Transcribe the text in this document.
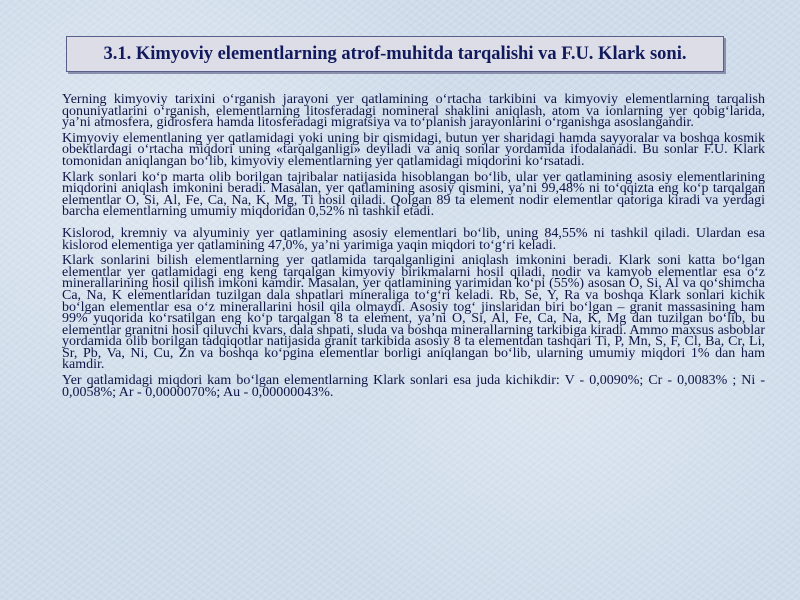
3.1. Kimyoviy elementlarning atrof-muhitda tarqalishi va F.U. Klark soni.

Yerning kimyoviy tarixini o‘rganish jarayoni yer qatlamining o‘rtacha tarkibini va kimyoviy elementlarning tarqalish qonuniyatlarini o‘rganish, elementlarning litosferadagi nomineral shaklini aniqlash, atom va ionlarning yer qobig‘larida, ya’ni atmosfera, gidrosfera hamda litosferadagi migratsiya va to‘planish jarayonlarini o‘rganishga asoslangandir.

Kimyoviy elementlaning yer qatlamidagi yoki uning bir qismidagi, butun yer sharidagi hamda sayyoralar va boshqa kosmik obektlardagi o‘rtacha miqdori uning «tarqalganligi» deyiladi va aniq sonlar yordamida ifodalanadi. Bu sonlar F.U. Klark tomonidan aniqlangan bo‘lib, kimyoviy elementlarning yer qatlamidagi miqdorini ko‘rsatadi.

Klark sonlari ko‘p marta olib borilgan tajribalar natijasida hisoblangan bo‘lib, ular yer qatlamining asosiy elementlarining miqdorini aniqlash imkonini beradi. Masalan, yer qatlamining asosiy qismini, ya’ni 99,48% ni to‘qqizta eng ko‘p tarqalgan elementlar O, Si, Al, Fe, Ca, Na, K, Mg, Ti hosil qiladi. Qolgan 89 ta element nodir elementlar qatoriga kiradi va yerdagi barcha elementlarning umumiy miqdoridan 0,52% ni tashkil etadi.

Kislorod, kremniy va alyuminiy yer qatlamining asosiy elementlari bo‘lib, uning 84,55% ni tashkil qiladi. Ulardan esa kislorod elementiga yer qatlamining 47,0%, ya’ni yarimiga yaqin miqdori to‘g‘ri keladi.

Klark sonlarini bilish elementlarning yer qatlamida tarqalganligini aniqlash imkonini beradi. Klark soni katta bo‘lgan elementlar yer qatlamidagi eng keng tarqalgan kimyoviy birikmalarni hosil qiladi, nodir va kamyob elementlar esa o‘z minerallarining hosil qilish imkoni kamdir. Masalan, yer qatlamining yarimidan ko‘pi (55%) asosan O, Si, Al va qo‘shimcha Ca, Na, K elementlaridan tuzilgan dala shpatlari mineraliga to‘g‘ri keladi. Rb, Se, Y, Ra va boshqa Klark sonlari kichik bo‘lgan elementlar esa o‘z minerallarini hosil qila olmaydi. Asosiy tog‘ jinslaridan biri bo‘lgan – granit massasining ham 99% yuqorida ko‘rsatilgan eng ko‘p tarqalgan 8 ta element, ya’ni O, Si, Al, Fe, Ca, Na, K, Mg dan tuzilgan bo‘lib, bu elementlar granitni hosil qiluvchi kvars, dala shpati, sluda va boshqa minerallarning tarkibiga kiradi. Ammo maxsus asboblar yordamida olib borilgan tadqiqotlar natijasida granit tarkibida asosiy 8 ta elementdan tashqari Ti, P, Mn, S, F, Cl, Ba, Cr, Li, Sr, Pb, Va, Ni, Cu, Zn va boshqa ko‘pgina elementlar borligi aniqlangan bo‘lib, ularning umumiy miqdori 1% dan ham kamdir.

Yer qatlamidagi miqdori kam bo‘lgan elementlarning Klark sonlari esa juda kichikdir: V - 0,0090%; Cr - 0,0083% ; Ni - 0,0058%; Ar - 0,0000070%; Au - 0,00000043%.
